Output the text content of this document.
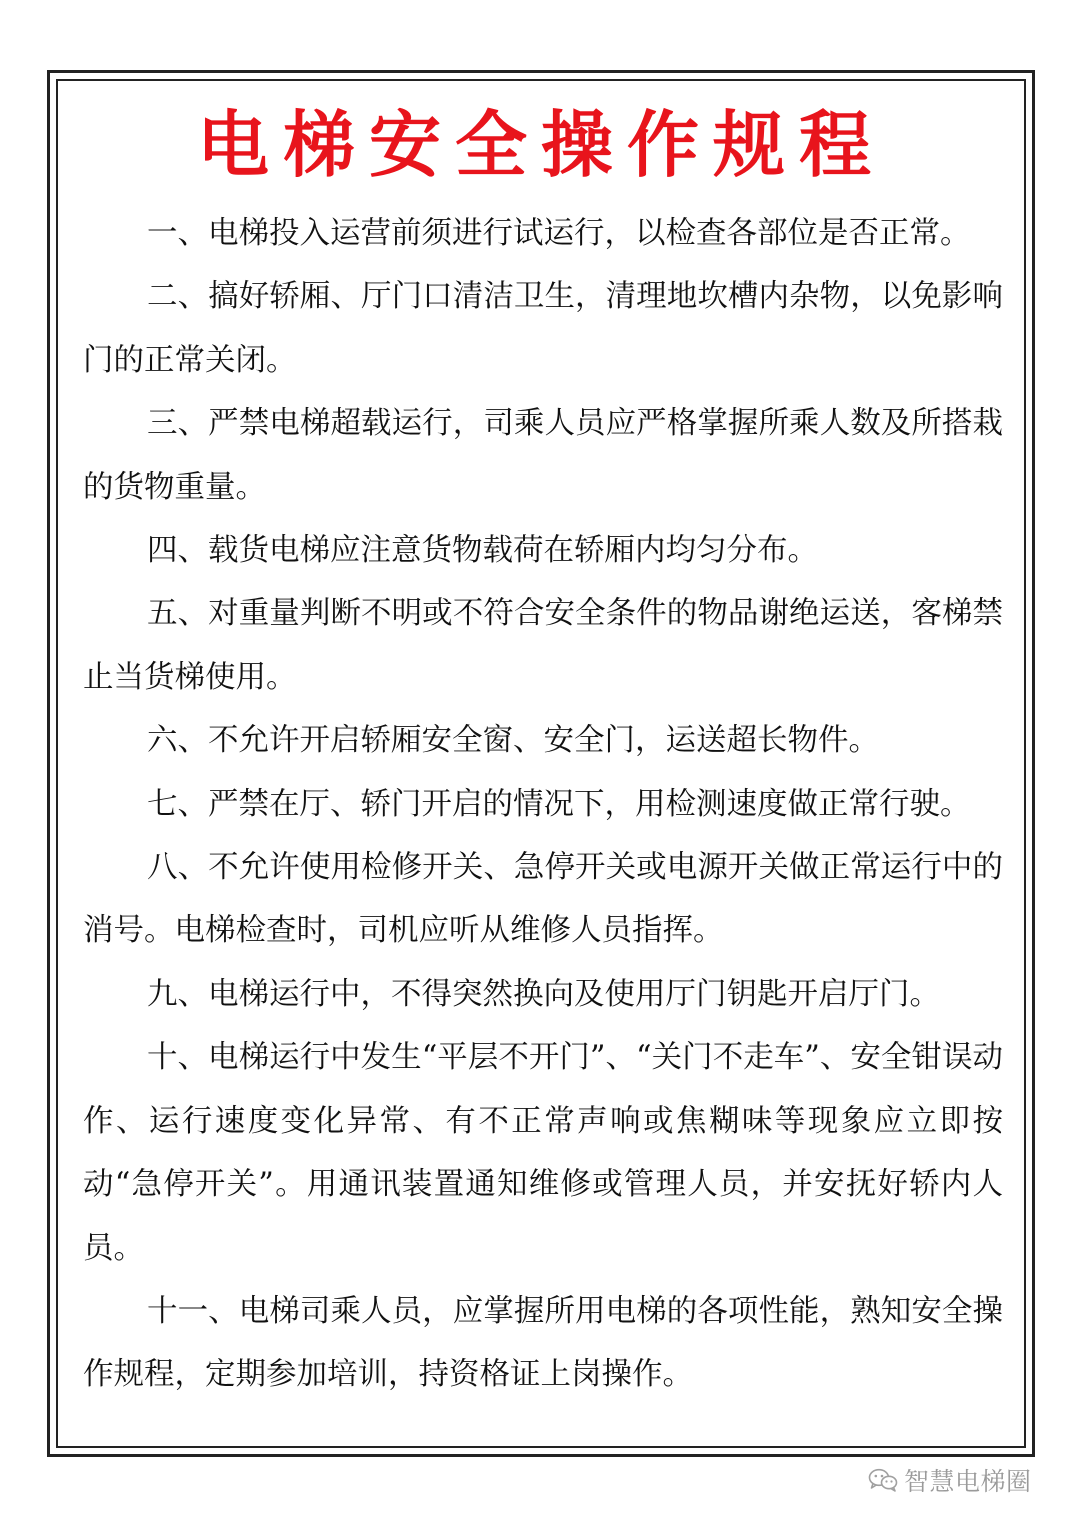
电梯安全操作规程
一、电梯投入运营前须进行试运行，以检查各部位是否正常。
二、搞好轿厢、厅门口清洁卫生，清理地坎槽内杂物，以免影响门的正常关闭。
三、严禁电梯超载运行，司乘人员应严格掌握所乘人数及所搭栽的货物重量。
四、载货电梯应注意货物载荷在轿厢内均匀分布。
五、对重量判断不明或不符合安全条件的物品谢绝运送，客梯禁止当货梯使用。
六、不允许开启轿厢安全窗、安全门，运送超长物件。
七、严禁在厅、轿门开启的情况下，用检测速度做正常行驶。
八、不允许使用检修开关、急停开关或电源开关做正常运行中的消号。电梯检查时，司机应听从维修人员指挥。
九、电梯运行中，不得突然换向及使用厅门钥匙开启厅门。
十、电梯运行中发生“平层不开门”、“关门不走车”、安全钳误动作、运行速度变化异常、有不正常声响或焦糊味等现象应立即按动“急停开关”。用通讯装置通知维修或管理人员，并安抚好轿内人员。
十一、电梯司乘人员，应掌握所用电梯的各项性能，熟知安全操作规程，定期参加培训，持资格证上岗操作。
智慧电梯圈
